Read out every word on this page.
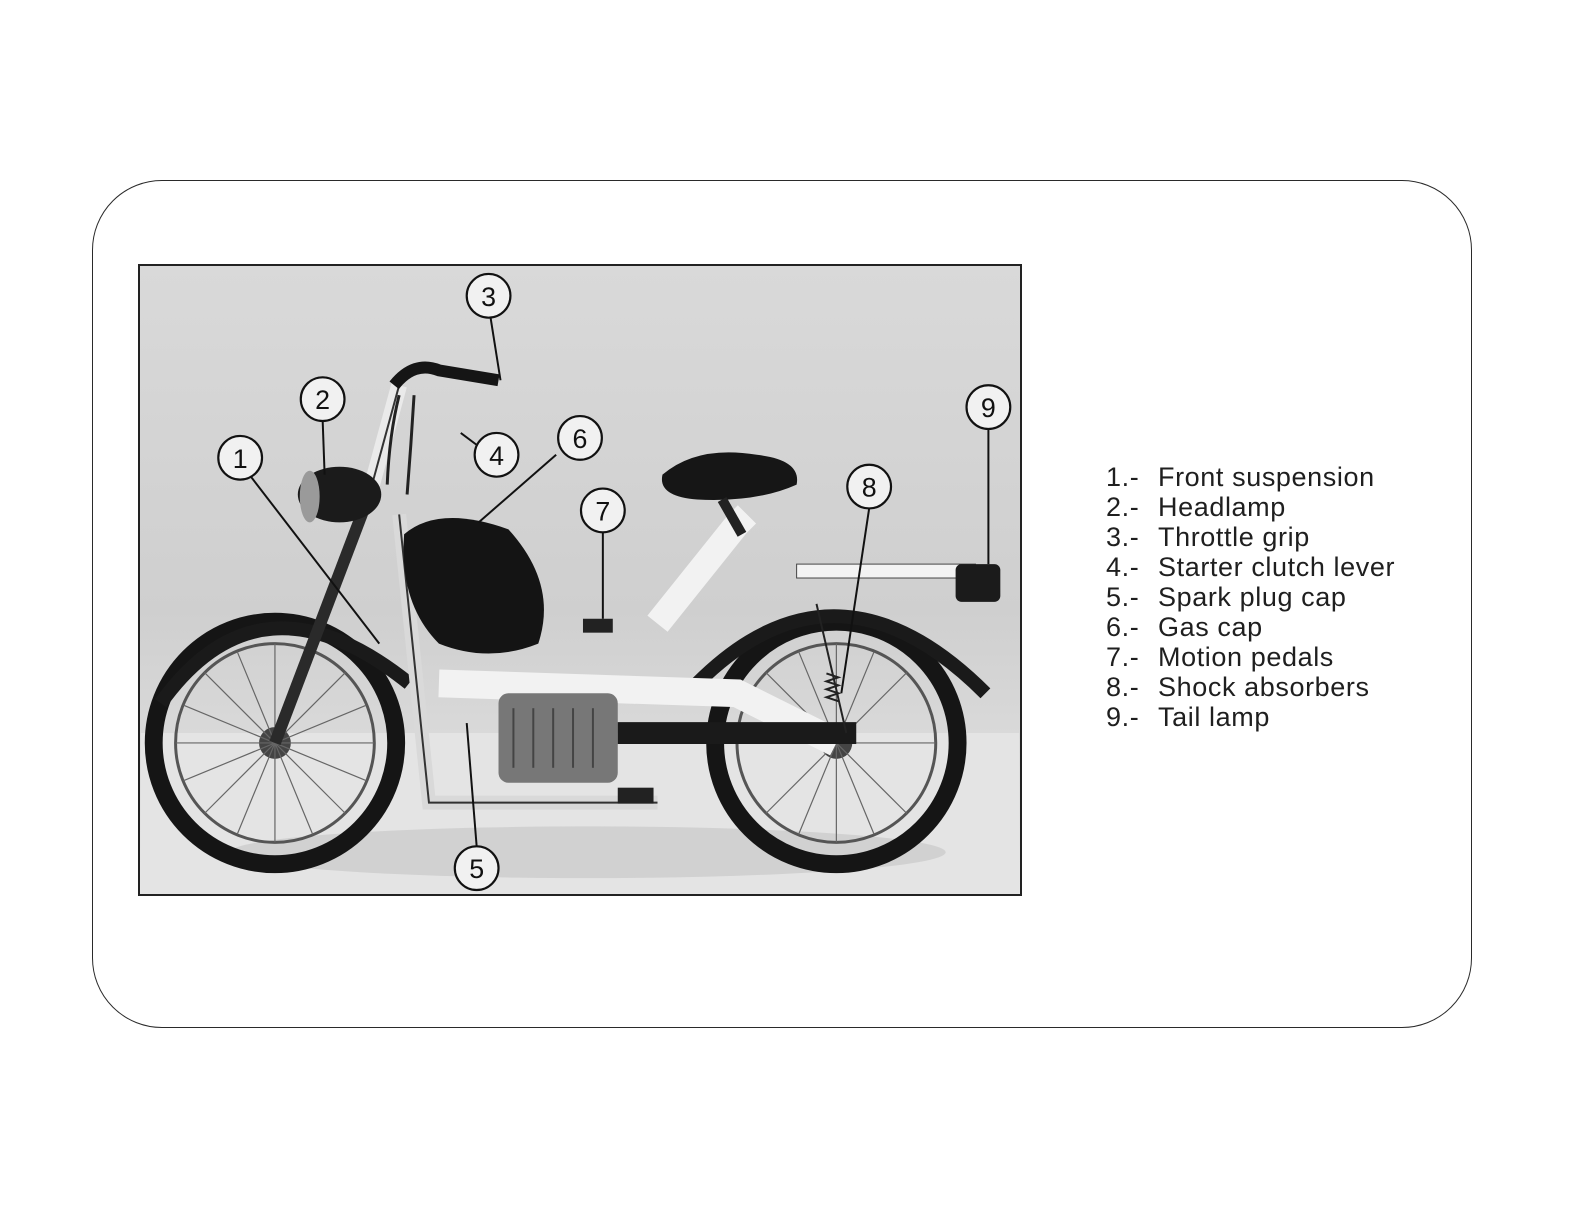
1
2
3
4
5
6
7
8
9
1.- Front suspension
2.- Headlamp
3.- Throttle grip
4.- Starter clutch lever
5.- Spark plug cap
6.- Gas cap
7.- Motion pedals
8.- Shock absorbers
9.- Tail lamp
